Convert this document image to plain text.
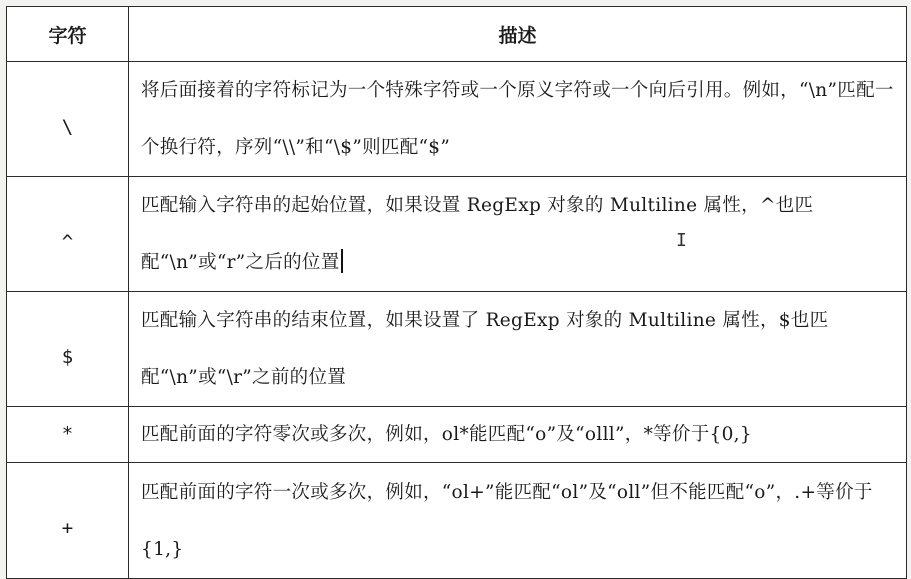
字符	描述
\	将后面接着的字符标记为一个特殊字符或一个原义字符或一个向后引用。例如，“\n”匹配一个换行符，序列“\\”和“\$”则匹配“$”
^	匹配输入字符串的起始位置，如果设置 RegExp 对象的 Multiline 属性，^也匹配“\n”或“r”之后的位置
$	匹配输入字符串的结束位置，如果设置了 RegExp 对象的 Multiline 属性，$也匹配“\n”或“\r”之前的位置
*	匹配前面的字符零次或多次，例如，ol*能匹配“o”及“olll”，*等价于{0,}
+	匹配前面的字符一次或多次，例如，“ol+”能匹配“ol”及“oll”但不能匹配“o”，.+等价于{1,}
I
